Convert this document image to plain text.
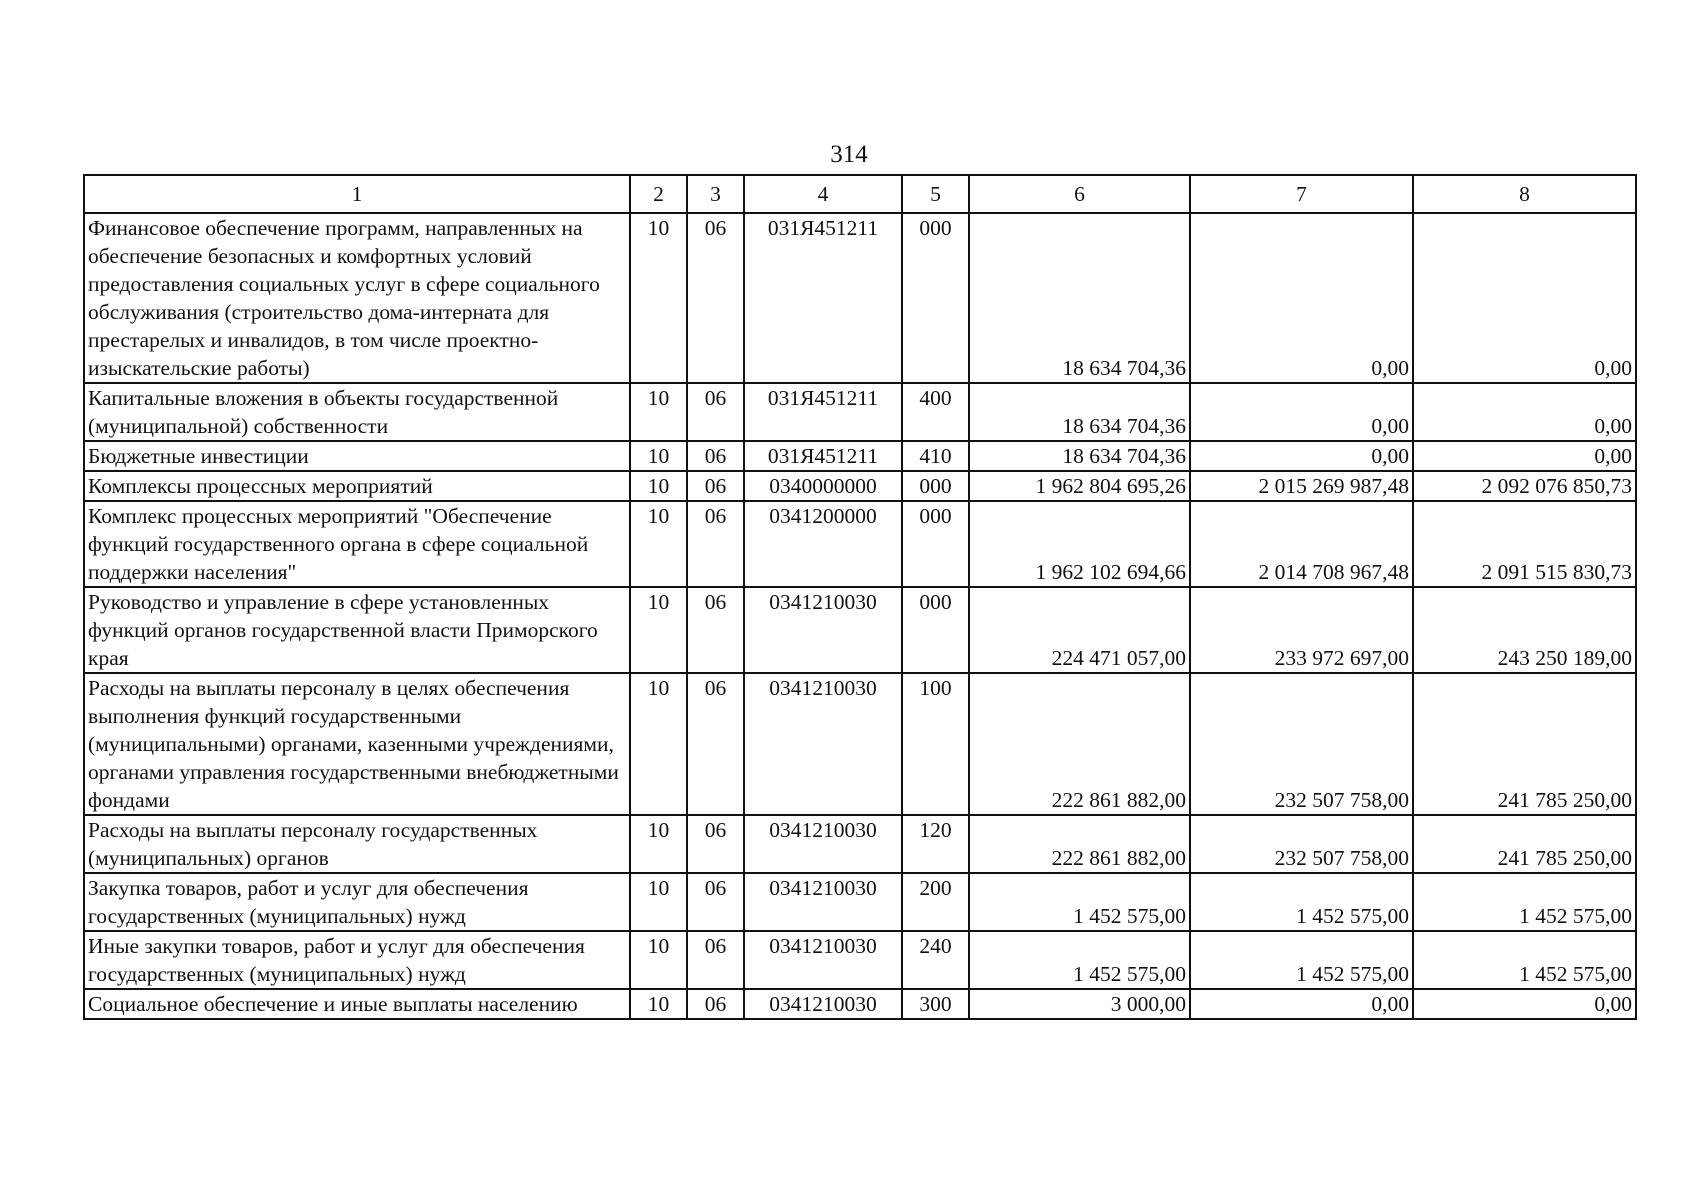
314
1	2	3	4	5	6	7	8
Финансовое обеспечение программ, направленных на обеспечение безопасных и комфортных условий предоставления социальных услуг в сфере социального обслуживания (строительство дома-интерната для престарелых и инвалидов, в том числе проектно-изыскательские работы)	10	06	031Я451211	000	18 634 704,36	0,00	0,00
Капитальные вложения в объекты государственной (муниципальной) собственности	10	06	031Я451211	400	18 634 704,36	0,00	0,00
Бюджетные инвестиции	10	06	031Я451211	410	18 634 704,36	0,00	0,00
Комплексы процессных мероприятий	10	06	0340000000	000	1 962 804 695,26	2 015 269 987,48	2 092 076 850,73
Комплекс процессных мероприятий "Обеспечение функций государственного органа в сфере социальной поддержки населения"	10	06	0341200000	000	1 962 102 694,66	2 014 708 967,48	2 091 515 830,73
Руководство и управление в сфере установленных функций органов государственной власти Приморского края	10	06	0341210030	000	224 471 057,00	233 972 697,00	243 250 189,00
Расходы на выплаты персоналу в целях обеспечения выполнения функций государственными (муниципальными) органами, казенными учреждениями, органами управления государственными внебюджетными фондами	10	06	0341210030	100	222 861 882,00	232 507 758,00	241 785 250,00
Расходы на выплаты персоналу государственных (муниципальных) органов	10	06	0341210030	120	222 861 882,00	232 507 758,00	241 785 250,00
Закупка товаров, работ и услуг для обеспечения государственных (муниципальных) нужд	10	06	0341210030	200	1 452 575,00	1 452 575,00	1 452 575,00
Иные закупки товаров, работ и услуг для обеспечения государственных (муниципальных) нужд	10	06	0341210030	240	1 452 575,00	1 452 575,00	1 452 575,00
Социальное обеспечение и иные выплаты населению	10	06	0341210030	300	3 000,00	0,00	0,00
